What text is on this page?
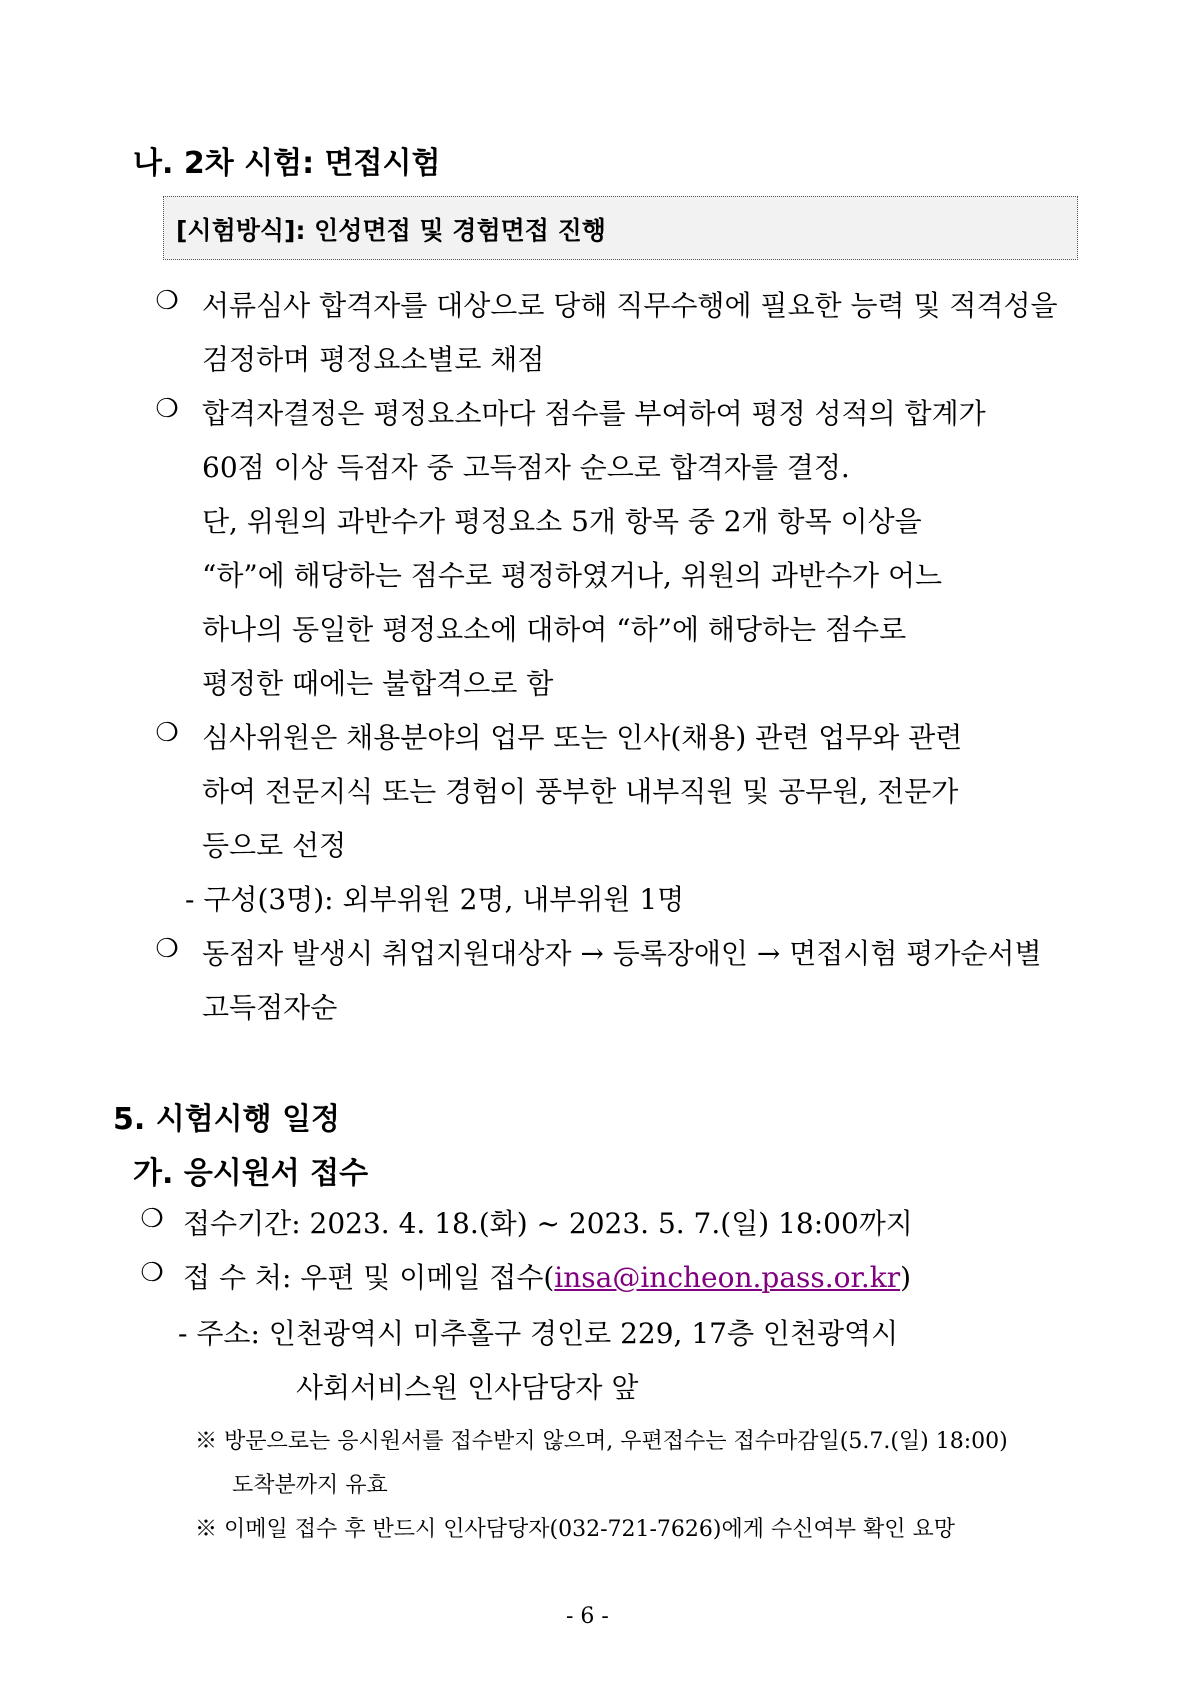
나. 2차 시험: 면접시험
[시험방식]: 인성면접 및 경험면접 진행
❍ 서류심사 합격자를 대상으로 당해 직무수행에 필요한 능력 및 적격성을
검정하며 평정요소별로 채점
❍ 합격자결정은 평정요소마다 점수를 부여하여 평정 성적의 합계가
60점 이상 득점자 중 고득점자 순으로 합격자를 결정.
단, 위원의 과반수가 평정요소 5개 항목 중 2개 항목 이상을
“하”에 해당하는 점수로 평정하였거나, 위원의 과반수가 어느
하나의 동일한 평정요소에 대하여 “하”에 해당하는 점수로
평정한 때에는 불합격으로 함
❍ 심사위원은 채용분야의 업무 또는 인사(채용) 관련 업무와 관련
하여 전문지식 또는 경험이 풍부한 내부직원 및 공무원, 전문가
등으로 선정
- 구성(3명): 외부위원 2명, 내부위원 1명
❍ 동점자 발생시 취업지원대상자 → 등록장애인 → 면접시험 평가순서별
고득점자순
5. 시험시행 일정
가. 응시원서 접수
❍ 접수기간: 2023. 4. 18.(화) ~ 2023. 5. 7.(일) 18:00까지
❍ 접 수 처: 우편 및 이메일 접수(insa@incheon.pass.or.kr)
- 주소: 인천광역시 미추홀구 경인로 229, 17층 인천광역시
사회서비스원 인사담당자 앞
※ 방문으로는 응시원서를 접수받지 않으며, 우편접수는 접수마감일(5.7.(일) 18:00)
도착분까지 유효
※ 이메일 접수 후 반드시 인사담당자(032-721-7626)에게 수신여부 확인 요망
- 6 -
